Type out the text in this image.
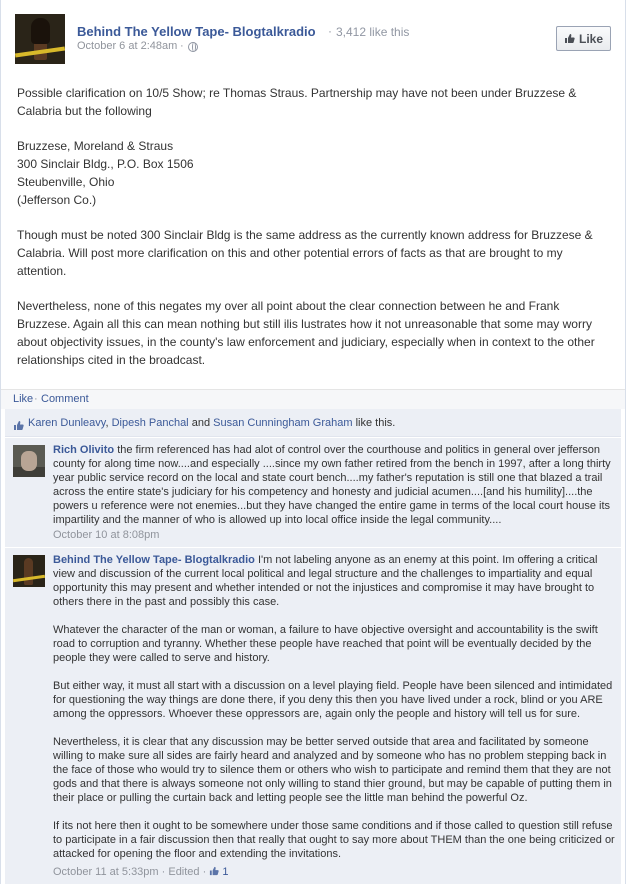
Behind The Yellow Tape- Blogtalkradio · 3,412 like this
October 6 at 2:48am ·
Like

Possible clarification on 10/5 Show; re Thomas Straus. Partnership may have not been under Bruzzese & Calabria but the following

Bruzzese, Moreland & Straus

300 Sinclair Bldg., P.O. Box 1506

Steubenville, Ohio

(Jefferson Co.)

Though must be noted 300 Sinclair Bldg is the same address as the currently known address for Bruzzese & Calabria. Will post more clarification on this and other potential errors of facts as that are brought to my attention.

Nevertheless, none of this negates my over all point about the clear connection between he and Frank Bruzzese. Again all this can mean nothing but still ilis lustrates how it not unreasonable that some may worry about objectivity issues, in the county's law enforcement and judiciary, especially when in context to the other relationships cited in the broadcast.

Like · Comment
Karen Dunleavy, Dipesh Panchal and Susan Cunningham Graham like this.
Rich Olivito the firm referenced has had alot of control over the courthouse and politics in general over jefferson county for along time now....and especially ....since my own father retired from the bench in 1997, after a long thirty year public service record on the local and state court bench....my father's reputation is still one that blazed a trail across the entire state's judiciary for his competency and honesty and judicial acumen....[and his humility]....the powers u reference were not enemies...but they have changed the entire game in terms of the local court house its impartility and the manner of who is allowed up into local office inside the legal community....
October 10 at 8:08pm
Behind The Yellow Tape- Blogtalkradio I'm not labeling anyone as an enemy at this point. Im offering a critical view and discussion of the current local political and legal structure and the challenges to impartiality and equal opportunity this may present and whether intended or not the injustices and compromise it may have brought to others there in the past and possibly this case.
Whatever the character of the man or woman, a failure to have objective oversight and accountability is the swift road to corruption and tyranny. Whether these people have reached that point will be eventually decided by the people they were called to serve and history.
But either way, it must all start with a discussion on a level playing field. People have been silenced and intimidated for questioning the way things are done there, if you deny this then you have lived under a rock, blind or you ARE among the oppressors. Whoever these oppressors are, again only the people and history will tell us for sure.
Nevertheless, it is clear that any discussion may be better served outside that area and facilitated by someone willing to make sure all sides are fairly heard and analyzed and by someone who has no problem stepping back in the face of those who would try to silence them or others who wish to participate and remind them that they are not gods and that there is always someone not only willing to stand thier ground, but may be capable of putting them in their place or pulling the curtain back and letting people see the little man behind the powerful Oz.
If its not here then it ought to be somewhere under those same conditions and if those called to question still refuse to participate in a fair discussion then that really that ought to say more about THEM than the one being criticized or attacked for opening the floor and extending the invitations.
October 11 at 5:33pm · Edited · 1
